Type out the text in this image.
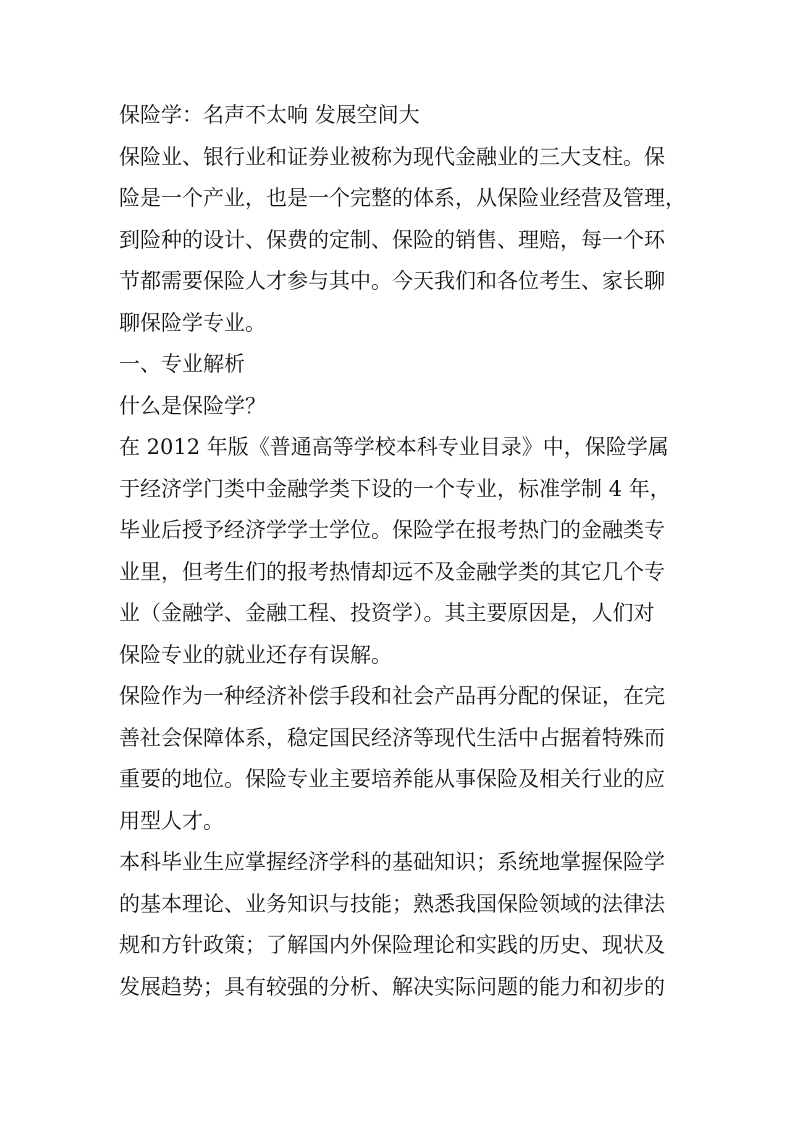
保险学：名声不太响 发展空间大
保险业、银行业和证券业被称为现代金融业的三大支柱。保
险是一个产业，也是一个完整的体系，从保险业经营及管理，
到险种的设计、保费的定制、保险的销售、理赔，每一个环
节都需要保险人才参与其中。今天我们和各位考生、家长聊
聊保险学专业。
一、专业解析
什么是保险学？
在 2012 年版《普通高等学校本科专业目录》中，保险学属
于经济学门类中金融学类下设的一个专业，标准学制 4 年，
毕业后授予经济学学士学位。保险学在报考热门的金融类专
业里，但考生们的报考热情却远不及金融学类的其它几个专
业（金融学、金融工程、投资学）。其主要原因是，人们对
保险专业的就业还存有误解。
保险作为一种经济补偿手段和社会产品再分配的保证，在完
善社会保障体系，稳定国民经济等现代生活中占据着特殊而
重要的地位。保险专业主要培养能从事保险及相关行业的应
用型人才。
本科毕业生应掌握经济学科的基础知识；系统地掌握保险学
的基本理论、业务知识与技能；熟悉我国保险领域的法律法
规和方针政策；了解国内外保险理论和实践的历史、现状及
发展趋势；具有较强的分析、解决实际问题的能力和初步的
